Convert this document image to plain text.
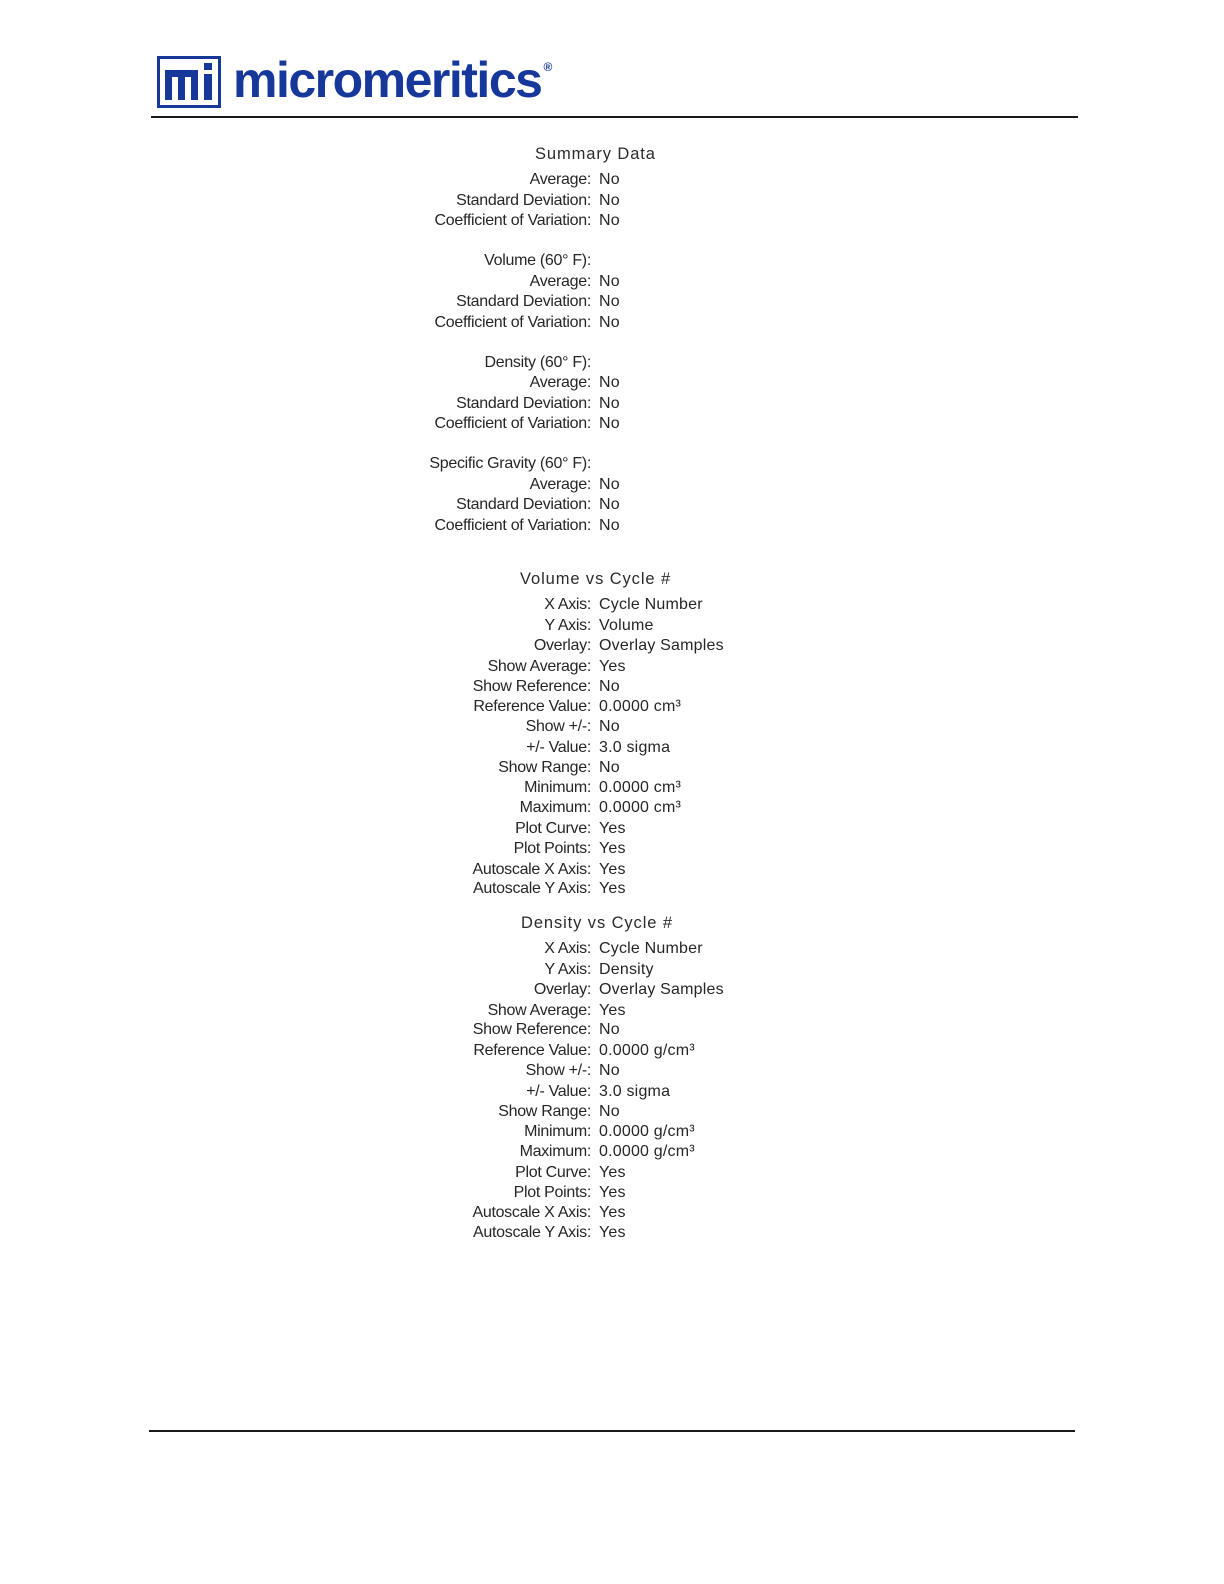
micromeritics ®
Summary Data
Average: No
Standard Deviation: No
Coefficient of Variation: No
Volume (60° F):
Average: No
Standard Deviation: No
Coefficient of Variation: No
Density (60° F):
Average: No
Standard Deviation: No
Coefficient of Variation: No
Specific Gravity (60° F):
Average: No
Standard Deviation: No
Coefficient of Variation: No
Volume vs Cycle #
X Axis: Cycle Number
Y Axis: Volume
Overlay: Overlay Samples
Show Average: Yes
Show Reference: No
Reference Value: 0.0000 cm³
Show +/-: No
+/- Value: 3.0 sigma
Show Range: No
Minimum: 0.0000 cm³
Maximum: 0.0000 cm³
Plot Curve: Yes
Plot Points: Yes
Autoscale X Axis: Yes
Autoscale Y Axis: Yes
Density vs Cycle #
X Axis: Cycle Number
Y Axis: Density
Overlay: Overlay Samples
Show Average: Yes
Show Reference: No
Reference Value: 0.0000 g/cm³
Show +/-: No
+/- Value: 3.0 sigma
Show Range: No
Minimum: 0.0000 g/cm³
Maximum: 0.0000 g/cm³
Plot Curve: Yes
Plot Points: Yes
Autoscale X Axis: Yes
Autoscale Y Axis: Yes
